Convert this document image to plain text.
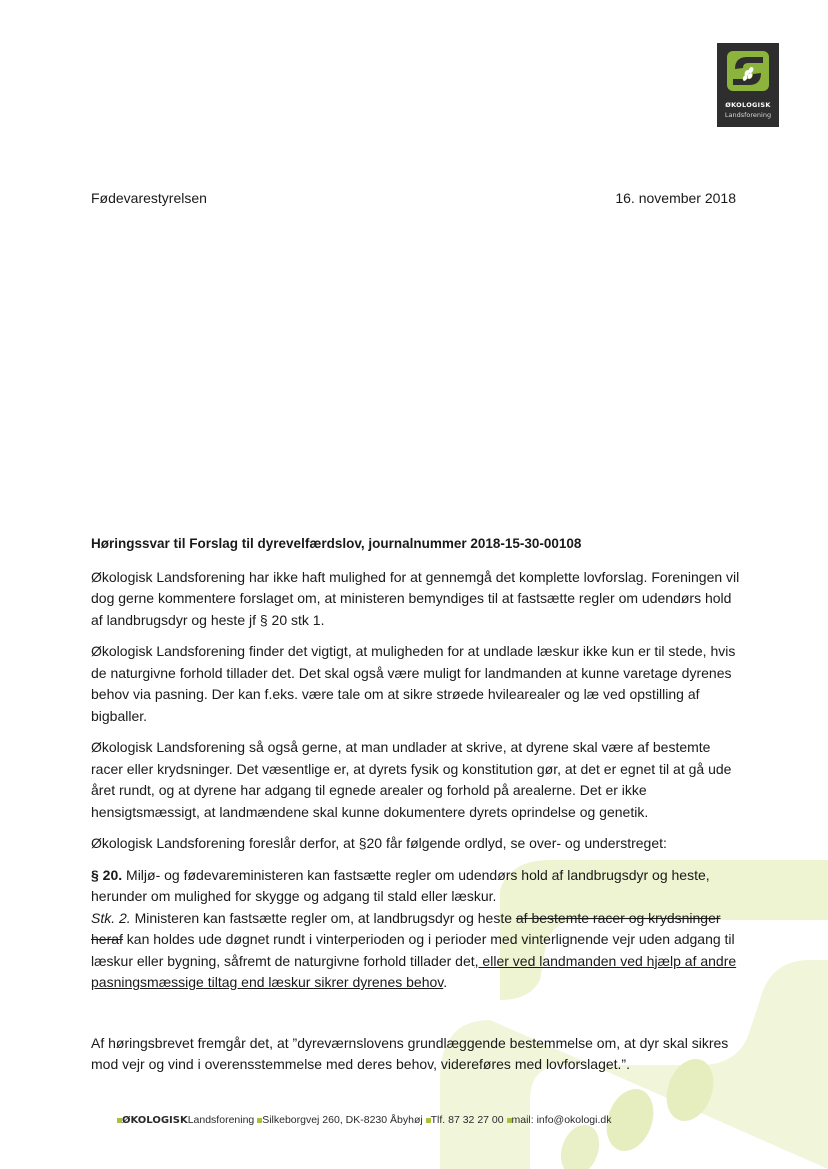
ØKOLOGISK
Landsforening
Fødevarestyrelsen	16. november 2018
Høringssvar til Forslag til dyrevelfærdslov, journalnummer 2018-15-30-00108

Økologisk Landsforening har ikke haft mulighed for at gennemgå det komplette lovforslag. Foreningen vil dog gerne kommentere forslaget om, at ministeren bemyndiges til at fastsætte regler om udendørs hold af landbrugsdyr og heste jf § 20 stk 1.

Økologisk Landsforening finder det vigtigt, at muligheden for at undlade læskur ikke kun er til stede, hvis de naturgivne forhold tillader det. Det skal også være muligt for landmanden at kunne varetage dyrenes behov via pasning. Der kan f.eks. være tale om at sikre strøede hvilearealer og læ ved opstilling af bigballer.

Økologisk Landsforening så også gerne, at man undlader at skrive, at dyrene skal være af bestemte racer eller krydsninger. Det væsentlige er, at dyrets fysik og konstitution gør, at det er egnet til at gå ude året rundt, og at dyrene har adgang til egnede arealer og forhold på arealerne. Det er ikke hensigtsmæssigt, at landmændene skal kunne dokumentere dyrets oprindelse og genetik.

Økologisk Landsforening foreslår derfor, at §20 får følgende ordlyd, se over- og understreget:

§ 20. Miljø- og fødevareministeren kan fastsætte regler om udendørs hold af landbrugsdyr og heste, herunder om mulighed for skygge og adgang til stald eller læskur.
Stk. 2. Ministeren kan fastsætte regler om, at landbrugsdyr og heste af bestemte racer og krydsninger heraf kan holdes ude døgnet rundt i vinterperioden og i perioder med vinterlignende vejr uden adgang til læskur eller bygning, såfremt de naturgivne forhold tillader det, eller ved landmanden ved hjælp af andre pasningsmæssige tiltag end læskur sikrer dyrenes behov.

Af høringsbrevet fremgår det, at ”dyreværnslovens grundlæggende bestemmelse om, at dyr skal sikres mod vejr og vind i overensstemmelse med deres behov, videreføres med lovforslaget.”.

ØKOLOGISKLandsforening Silkeborgvej 260, DK-8230 Åbyhøj Tlf. 87 32 27 00 mail: info@okologi.dk
